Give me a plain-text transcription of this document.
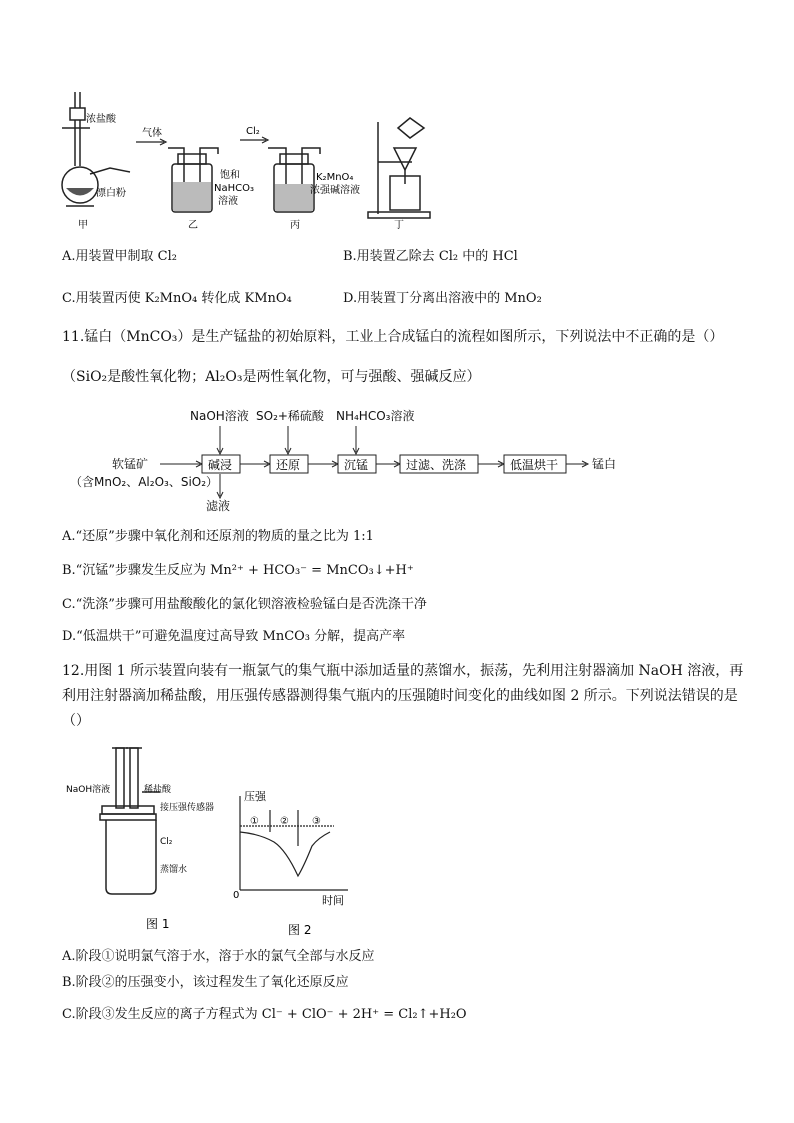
浓盐酸
漂白粉
甲
气体
饱和
NaHCO₃
溶液
乙
Cl₂
K₂MnO₄
浓强碱溶液
丙	丁
A.用装置甲制取 Cl₂	B.用装置乙除去 Cl₂ 中的 HCl
C.用装置丙使 K₂MnO₄ 转化成 KMnO₄	D.用装置丁分离出溶液中的 MnO₂
11.锰白（MnCO₃）是生产锰盐的初始原料，工业上合成锰白的流程如图所示，下列说法中不正确的是（）
（SiO₂是酸性氧化物；Al₂O₃是两性氧化物，可与强酸、强碱反应）
NaOH溶液 SO₂+稀硫酸 NH₄HCO₃溶液
软锰矿
（含MnO₂、Al₂O₃、SiO₂）
锰白
滤液
碱浸	还原	沉锰	过滤、洗涤	低温烘干
A.“还原”步骤中氧化剂和还原剂的物质的量之比为 1:1
B.“沉锰”步骤发生反应为 Mn²⁺ + HCO₃⁻ = MnCO₃↓+H⁺
C.“洗涤”步骤可用盐酸酸化的氯化钡溶液检验锰白是否洗涤干净
D.“低温烘干”可避免温度过高导致 MnCO₃ 分解，提高产率
12.用图 1 所示装置向装有一瓶氯气的集气瓶中添加适量的蒸馏水，振荡，先利用注射器滴加 NaOH 溶液，再
利用注射器滴加稀盐酸，用压强传感器测得集气瓶内的压强随时间变化的曲线如图 2 所示。下列说法错误的是
（）
NaOH溶液	稀盐酸
接压强传感器
Cl₂
蒸馏水
图 1
压强
时间
0
① ② ③
图 2
A.阶段①说明氯气溶于水，溶于水的氯气全部与水反应
B.阶段②的压强变小，该过程发生了氧化还原反应
C.阶段③发生反应的离子方程式为 Cl⁻ + ClO⁻ + 2H⁺ = Cl₂↑+H₂O
